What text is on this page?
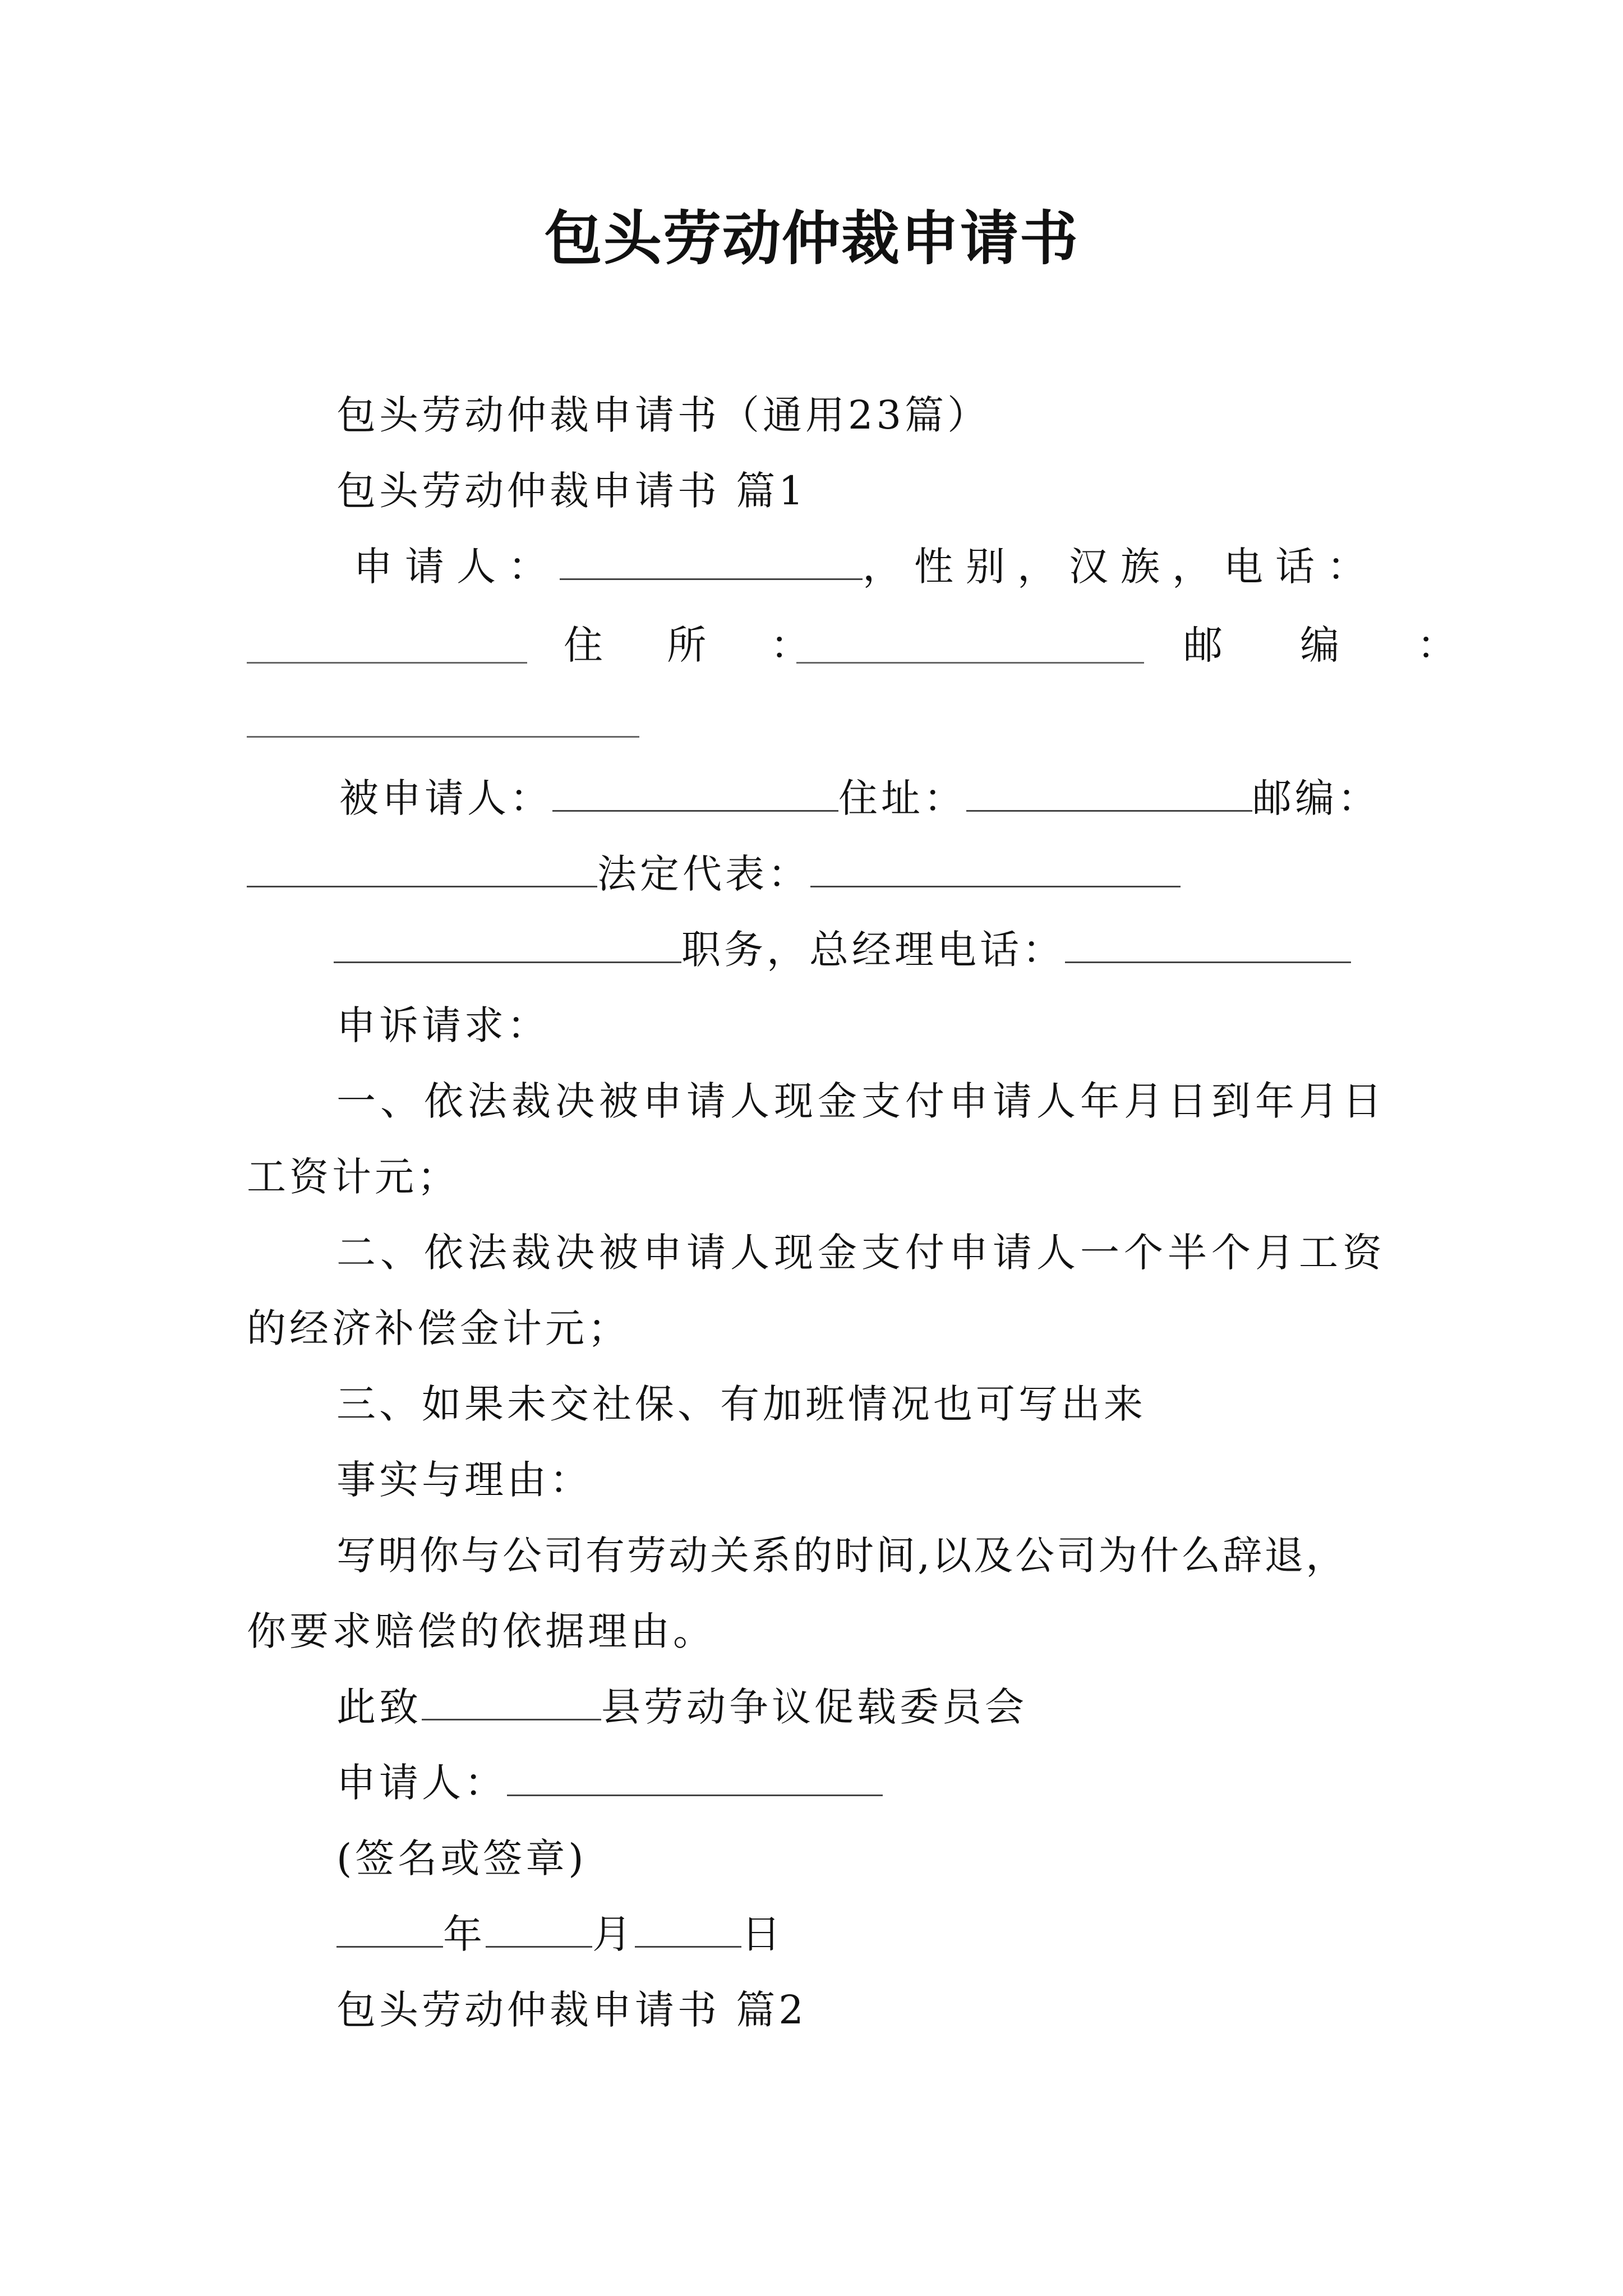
包头劳动仲裁申请书
包头劳动仲裁申请书（通用23篇）
包头劳动仲裁申请书 篇1
申请人：	，性别，汉族，电话：
住 所 ：	邮 编 ：
被申请人：	住址：	邮编：
法定代表：
职务，总经理电话：
申诉请求：
一、依法裁决被申请人现金支付申请人年月日到年月日
工资计元；
二、依法裁决被申请人现金支付申请人一个半个月工资
的经济补偿金计元；
三、如果未交社保、有加班情况也可写出来
事实与理由：
写明你与公司有劳动关系的时间,以及公司为什么辞退，
你要求赔偿的依据理由。
此致	县劳动争议促载委员会
申请人：
(签名或签章)
年	月	日
包头劳动仲裁申请书 篇2
